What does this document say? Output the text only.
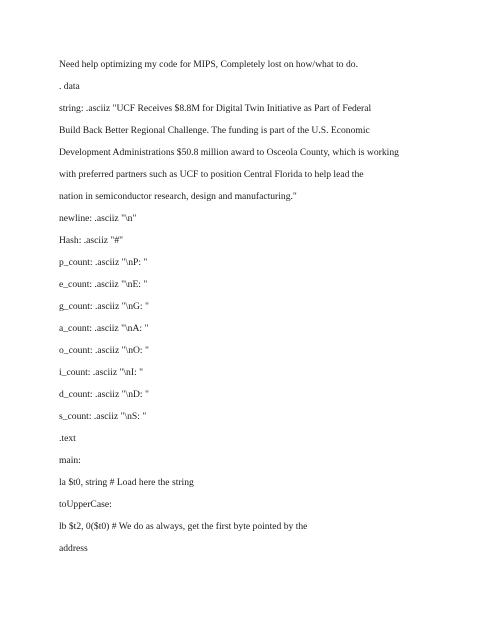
Need help optimizing my code for MIPS, Completely lost on how/what to do.

. data

string: .asciiz "UCF Receives $8.8M for Digital Twin Initiative as Part of Federal

Build Back Better Regional Challenge. The funding is part of the U.S. Economic

Development Administrations $50.8 million award to Osceola County, which is working

with preferred partners such as UCF to position Central Florida to help lead the

nation in semiconductor research, design and manufacturing."

newline: .asciiz "\n"

Hash: .asciiz "#"

p_count: .asciiz "\nP: "

e_count: .asciiz "\nE: "

g_count: .asciiz "\nG: "

a_count: .asciiz "\nA: "

o_count: .asciiz "\nO: "

i_count: .asciiz "\nI: "

d_count: .asciiz "\nD: "

s_count: .asciiz "\nS: "

.text

main:

la $t0, string # Load here the string

toUpperCase:

lb $t2, 0($t0) # We do as always, get the first byte pointed by the

address
